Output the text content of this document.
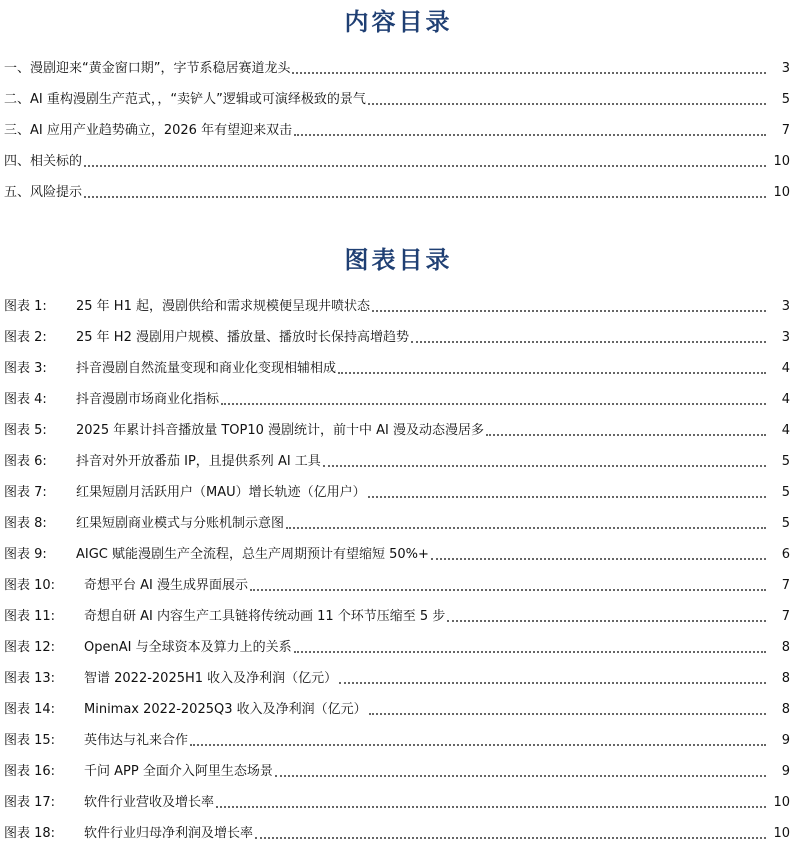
内容目录
一、漫剧迎来“黄金窗口期”，字节系稳居赛道龙头	3
二、AI 重构漫剧生产范式，，“卖铲人”逻辑或可演绎极致的景气	5
三、AI 应用产业趋势确立，2026 年有望迎来双击	7
四、相关标的	10
五、风险提示	10
图表目录
图表 1: 25 年 H1 起，漫剧供给和需求规模便呈现井喷状态	3
图表 2: 25 年 H2 漫剧用户规模、播放量、播放时长保持高增趋势	3
图表 3: 抖音漫剧自然流量变现和商业化变现相辅相成	4
图表 4: 抖音漫剧市场商业化指标	4
图表 5: 2025 年累计抖音播放量 TOP10 漫剧统计，前十中 AI 漫及动态漫居多	4
图表 6: 抖音对外开放番茄 IP，且提供系列 AI 工具	5
图表 7: 红果短剧月活跃用户（MAU）增长轨迹（亿用户）	5
图表 8: 红果短剧商业模式与分账机制示意图	5
图表 9: AIGC 赋能漫剧生产全流程，总生产周期预计有望缩短 50%+	6
图表 10: 奇想平台 AI 漫生成界面展示	7
图表 11: 奇想自研 AI 内容生产工具链将传统动画 11 个环节压缩至 5 步	7
图表 12: OpenAI 与全球资本及算力上的关系	8
图表 13: 智谱 2022-2025H1 收入及净利润（亿元）	8
图表 14: Minimax 2022-2025Q3 收入及净利润（亿元）	8
图表 15: 英伟达与礼来合作	9
图表 16: 千问 APP 全面介入阿里生态场景	9
图表 17: 软件行业营收及增长率	10
图表 18: 软件行业归母净利润及增长率	10
